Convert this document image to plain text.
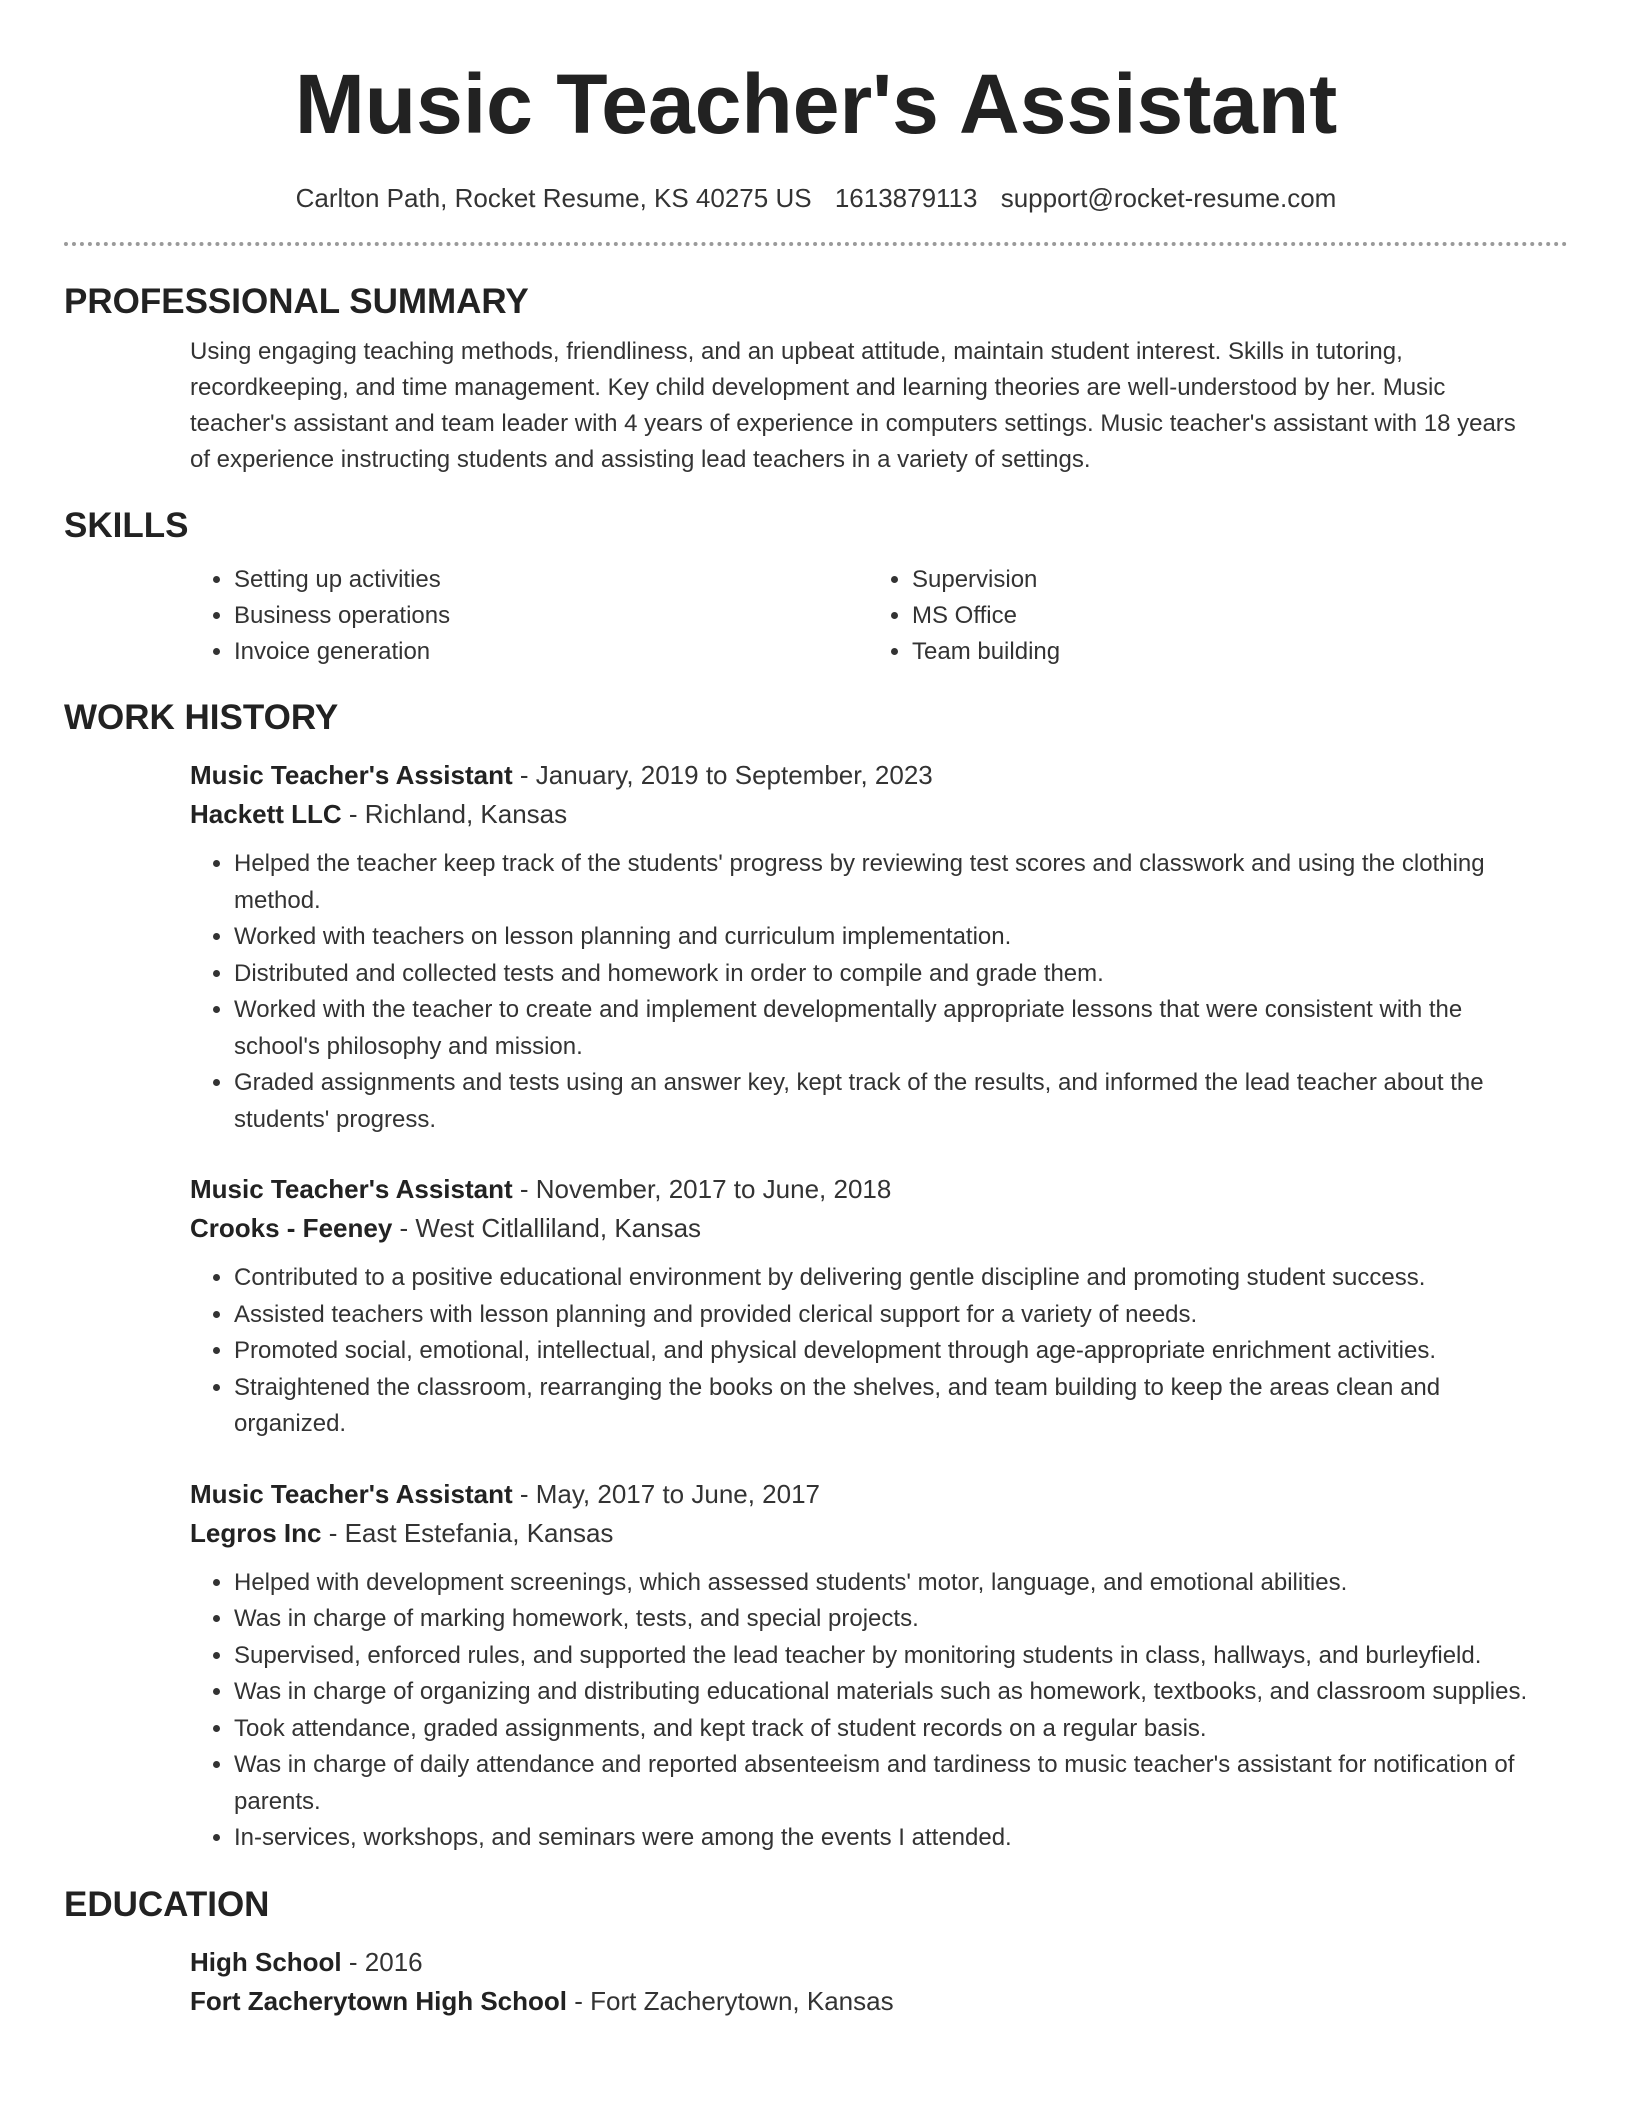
Music Teacher's Assistant
Carlton Path, Rocket Resume, KS 40275 US 1613879113 support@rocket-resume.com
PROFESSIONAL SUMMARY
Using engaging teaching methods, friendliness, and an upbeat attitude, maintain student interest. Skills in tutoring, recordkeeping, and time management. Key child development and learning theories are well-understood by her. Music teacher's assistant and team leader with 4 years of experience in computers settings. Music teacher's assistant with 18 years of experience instructing students and assisting lead teachers in a variety of settings.
SKILLS
• Setting up activities
• Business operations
• Invoice generation
• Supervision
• MS Office
• Team building
WORK HISTORY
Music Teacher's Assistant - January, 2019 to September, 2023
Hackett LLC - Richland, Kansas
• Helped the teacher keep track of the students' progress by reviewing test scores and classwork and using the clothing method.
• Worked with teachers on lesson planning and curriculum implementation.
• Distributed and collected tests and homework in order to compile and grade them.
• Worked with the teacher to create and implement developmentally appropriate lessons that were consistent with the school's philosophy and mission.
• Graded assignments and tests using an answer key, kept track of the results, and informed the lead teacher about the students' progress.
Music Teacher's Assistant - November, 2017 to June, 2018
Crooks - Feeney - West Citlalliland, Kansas
• Contributed to a positive educational environment by delivering gentle discipline and promoting student success.
• Assisted teachers with lesson planning and provided clerical support for a variety of needs.
• Promoted social, emotional, intellectual, and physical development through age-appropriate enrichment activities.
• Straightened the classroom, rearranging the books on the shelves, and team building to keep the areas clean and organized.
Music Teacher's Assistant - May, 2017 to June, 2017
Legros Inc - East Estefania, Kansas
• Helped with development screenings, which assessed students' motor, language, and emotional abilities.
• Was in charge of marking homework, tests, and special projects.
• Supervised, enforced rules, and supported the lead teacher by monitoring students in class, hallways, and burleyfield.
• Was in charge of organizing and distributing educational materials such as homework, textbooks, and classroom supplies.
• Took attendance, graded assignments, and kept track of student records on a regular basis.
• Was in charge of daily attendance and reported absenteeism and tardiness to music teacher's assistant for notification of parents.
• In-services, workshops, and seminars were among the events I attended.
EDUCATION
High School - 2016
Fort Zacherytown High School - Fort Zacherytown, Kansas
